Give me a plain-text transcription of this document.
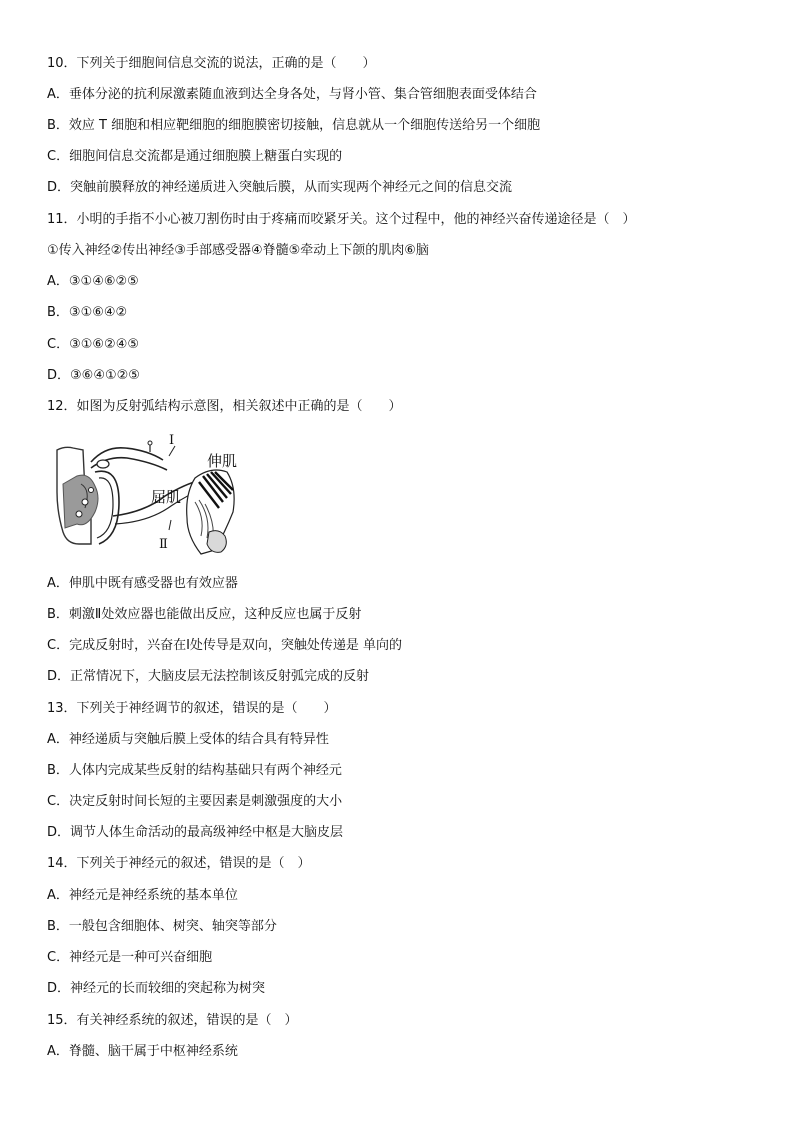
10．下列关于细胞间信息交流的说法，正确的是（　　）
A．垂体分泌的抗利尿激素随血液到达全身各处，与肾小管、集合管细胞表面受体结合
B．效应 T 细胞和相应靶细胞的细胞膜密切接触，信息就从一个细胞传送给另一个细胞
C．细胞间信息交流都是通过细胞膜上糖蛋白实现的
D．突触前膜释放的神经递质进入突触后膜，从而实现两个神经元之间的信息交流
11．小明的手指不小心被刀割伤时由于疼痛而咬紧牙关。这个过程中，他的神经兴奋传递途径是（　）
①传入神经②传出神经③手部感受器④脊髓⑤牵动上下颌的肌肉⑥脑
A．③①④⑥②⑤
B．③①⑥④②
C．③①⑥②④⑤
D．③⑥④①②⑤
12．如图为反射弧结构示意图，相关叙述中正确的是（　　）
Ⅰ
伸肌
屈肌
Ⅱ
A．伸肌中既有感受器也有效应器
B．刺激Ⅱ处效应器也能做出反应，这种反应也属于反射
C．完成反射时，兴奋在Ⅰ处传导是双向，突触处传递是 单向的
D．正常情况下，大脑皮层无法控制该反射弧完成的反射
13．下列关于神经调节的叙述，错误的是（　　）
A．神经递质与突触后膜上受体的结合具有特异性
B．人体内完成某些反射的结构基础只有两个神经元
C．决定反射时间长短的主要因素是刺激强度的大小
D．调节人体生命活动的最高级神经中枢是大脑皮层
14．下列关于神经元的叙述，错误的是（　）
A．神经元是神经系统的基本单位
B．一般包含细胞体、树突、轴突等部分
C．神经元是一种可兴奋细胞
D．神经元的长而较细的突起称为树突
15．有关神经系统的叙述，错误的是（　）
A．脊髓、脑干属于中枢神经系统
